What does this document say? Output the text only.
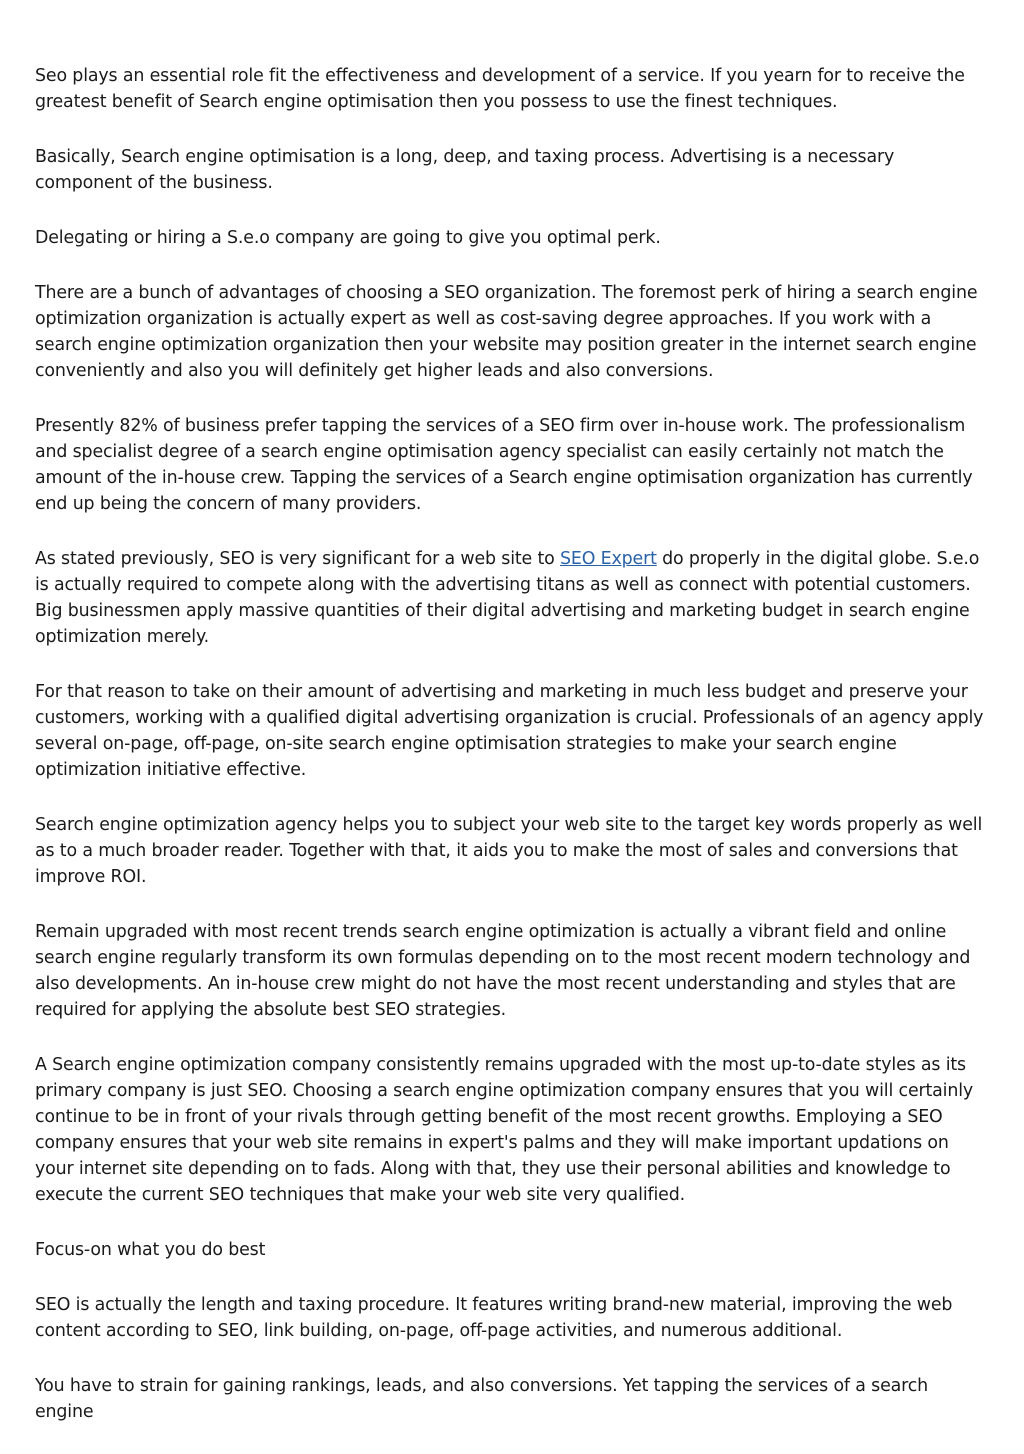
Seo plays an essential role fit the effectiveness and development of a service. If you yearn for to receive the greatest benefit of Search engine optimisation then you possess to use the finest techniques.

Basically, Search engine optimisation is a long, deep, and taxing process. Advertising is a necessary component of the business.

Delegating or hiring a S.e.o company are going to give you optimal perk.

There are a bunch of advantages of choosing a SEO organization. The foremost perk of hiring a search engine optimization organization is actually expert as well as cost-saving degree approaches. If you work with a search engine optimization organization then your website may position greater in the internet search engine conveniently and also you will definitely get higher leads and also conversions.

Presently 82% of business prefer tapping the services of a SEO firm over in-house work. The professionalism and specialist degree of a search engine optimisation agency specialist can easily certainly not match the amount of the in-house crew. Tapping the services of a Search engine optimisation organization has currently end up being the concern of many providers.

As stated previously, SEO is very significant for a web site to SEO Expert do properly in the digital globe. S.e.o is actually required to compete along with the advertising titans as well as connect with potential customers. Big businessmen apply massive quantities of their digital advertising and marketing budget in search engine optimization merely.

For that reason to take on their amount of advertising and marketing in much less budget and preserve your customers, working with a qualified digital advertising organization is crucial. Professionals of an agency apply several on-page, off-page, on-site search engine optimisation strategies to make your search engine optimization initiative effective.

Search engine optimization agency helps you to subject your web site to the target key words properly as well as to a much broader reader. Together with that, it aids you to make the most of sales and conversions that improve ROI.

Remain upgraded with most recent trends search engine optimization is actually a vibrant field and online search engine regularly transform its own formulas depending on to the most recent modern technology and also developments. An in-house crew might do not have the most recent understanding and styles that are required for applying the absolute best SEO strategies.

A Search engine optimization company consistently remains upgraded with the most up-to-date styles as its primary company is just SEO. Choosing a search engine optimization company ensures that you will certainly continue to be in front of your rivals through getting benefit of the most recent growths. Employing a SEO company ensures that your web site remains in expert's palms and they will make important updations on your internet site depending on to fads. Along with that, they use their personal abilities and knowledge to execute the current SEO techniques that make your web site very qualified.

Focus-on what you do best

SEO is actually the length and taxing procedure. It features writing brand-new material, improving the web content according to SEO, link building, on-page, off-page activities, and numerous additional.

You have to strain for gaining rankings, leads, and also conversions. Yet tapping the services of a search engine
